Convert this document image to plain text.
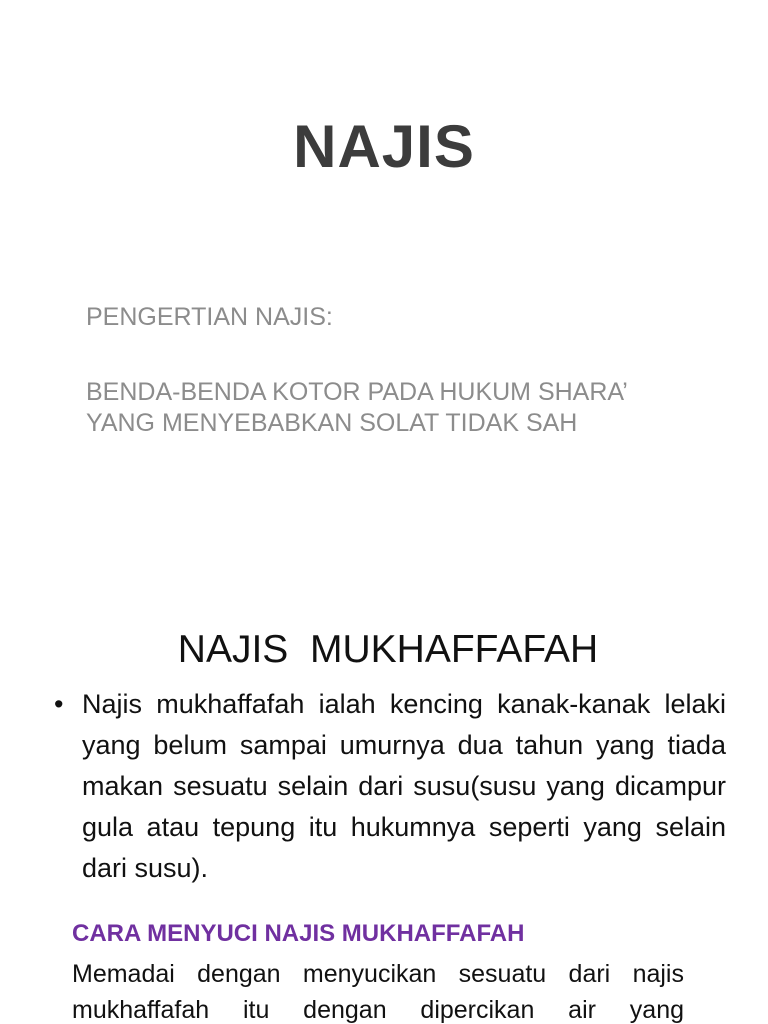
NAJIS

PENGERTIAN NAJIS:

BENDA-BENDA KOTOR PADA HUKUM SHARA’ YANG MENYEBABKAN SOLAT TIDAK SAH

NAJIS  MUKHAFFAFAH
• Najis mukhaffafah ialah kencing kanak-kanak lelaki yang belum sampai umurnya dua tahun yang tiada makan sesuatu selain dari susu(susu yang dicampur gula atau tepung itu hukumnya seperti yang selain dari susu).
CARA MENYUCI NAJIS MUKHAFFAFAH
Memadai dengan menyucikan sesuatu dari najis mukhaffafah itu dengan dipercikan air yang
